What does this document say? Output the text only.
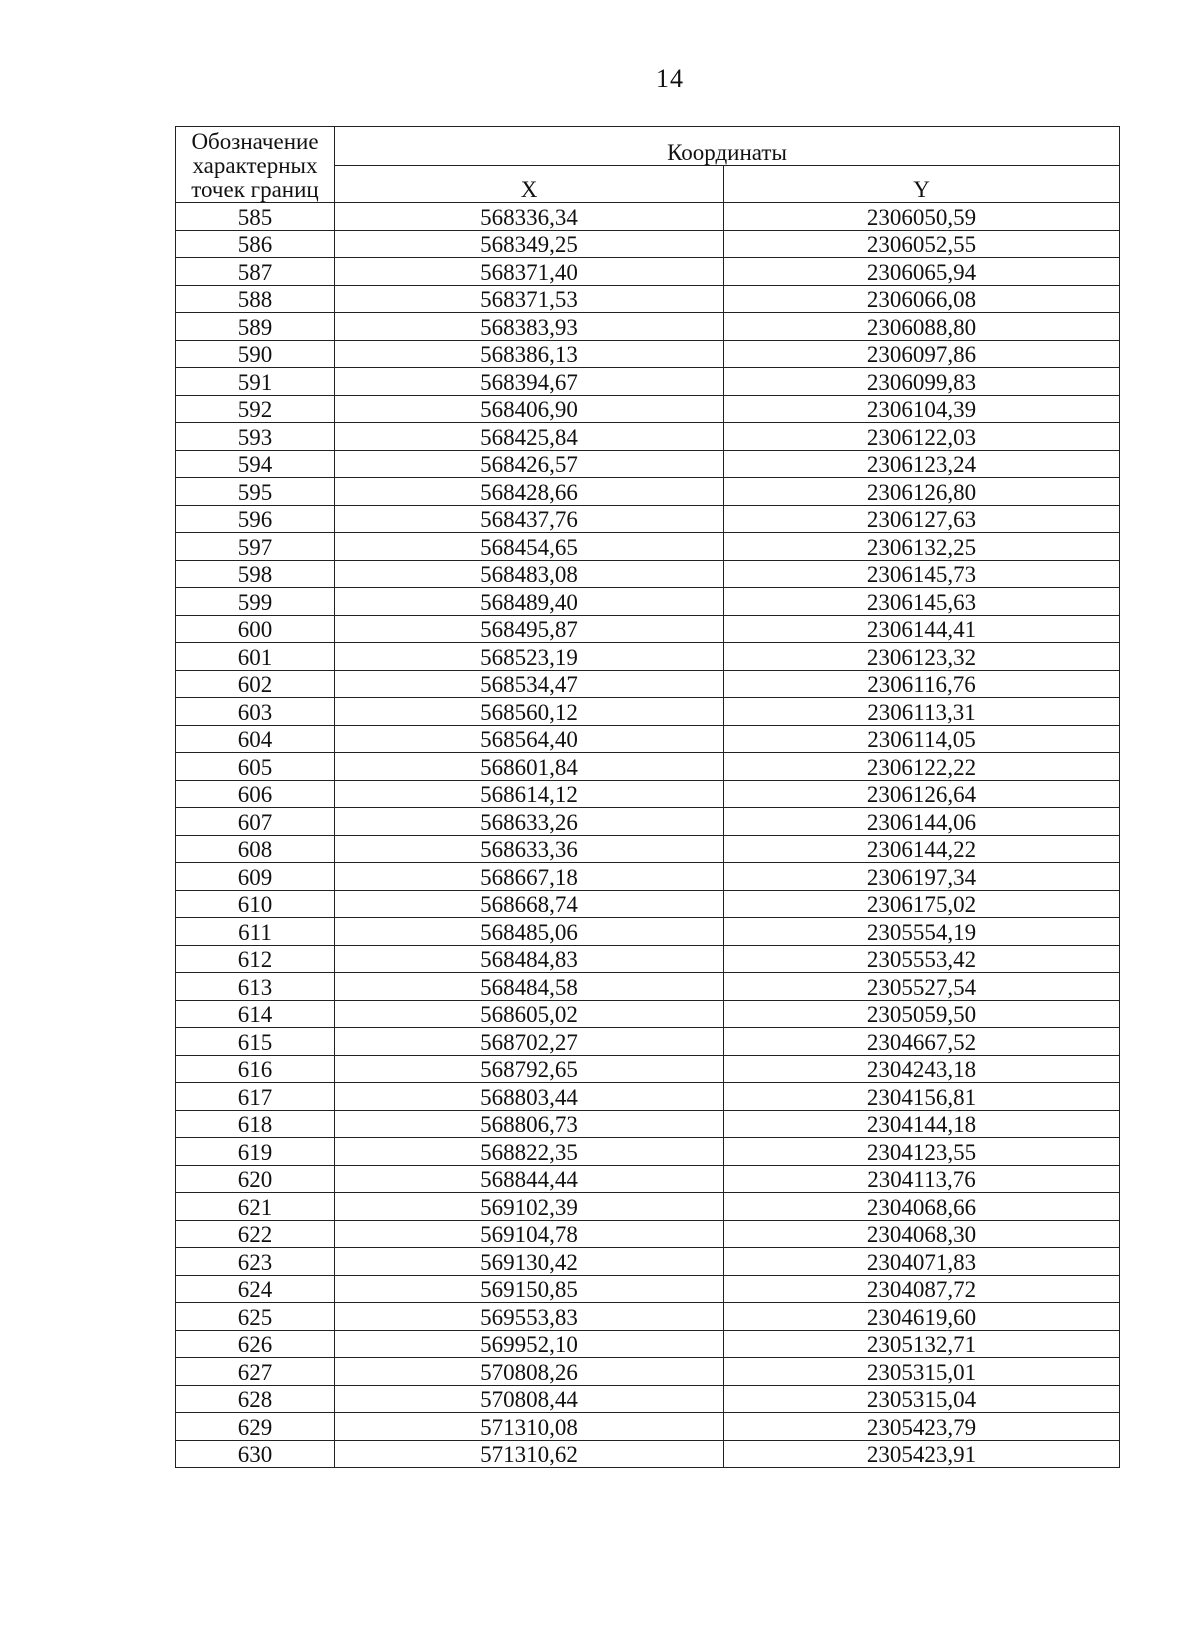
14
Обозначение характерных точек границ	Координаты	
	X	Y
585	568336,34	2306050,59
586	568349,25	2306052,55
587	568371,40	2306065,94
588	568371,53	2306066,08
589	568383,93	2306088,80
590	568386,13	2306097,86
591	568394,67	2306099,83
592	568406,90	2306104,39
593	568425,84	2306122,03
594	568426,57	2306123,24
595	568428,66	2306126,80
596	568437,76	2306127,63
597	568454,65	2306132,25
598	568483,08	2306145,73
599	568489,40	2306145,63
600	568495,87	2306144,41
601	568523,19	2306123,32
602	568534,47	2306116,76
603	568560,12	2306113,31
604	568564,40	2306114,05
605	568601,84	2306122,22
606	568614,12	2306126,64
607	568633,26	2306144,06
608	568633,36	2306144,22
609	568667,18	2306197,34
610	568668,74	2306175,02
611	568485,06	2305554,19
612	568484,83	2305553,42
613	568484,58	2305527,54
614	568605,02	2305059,50
615	568702,27	2304667,52
616	568792,65	2304243,18
617	568803,44	2304156,81
618	568806,73	2304144,18
619	568822,35	2304123,55
620	568844,44	2304113,76
621	569102,39	2304068,66
622	569104,78	2304068,30
623	569130,42	2304071,83
624	569150,85	2304087,72
625	569553,83	2304619,60
626	569952,10	2305132,71
627	570808,26	2305315,01
628	570808,44	2305315,04
629	571310,08	2305423,79
630	571310,62	2305423,91
